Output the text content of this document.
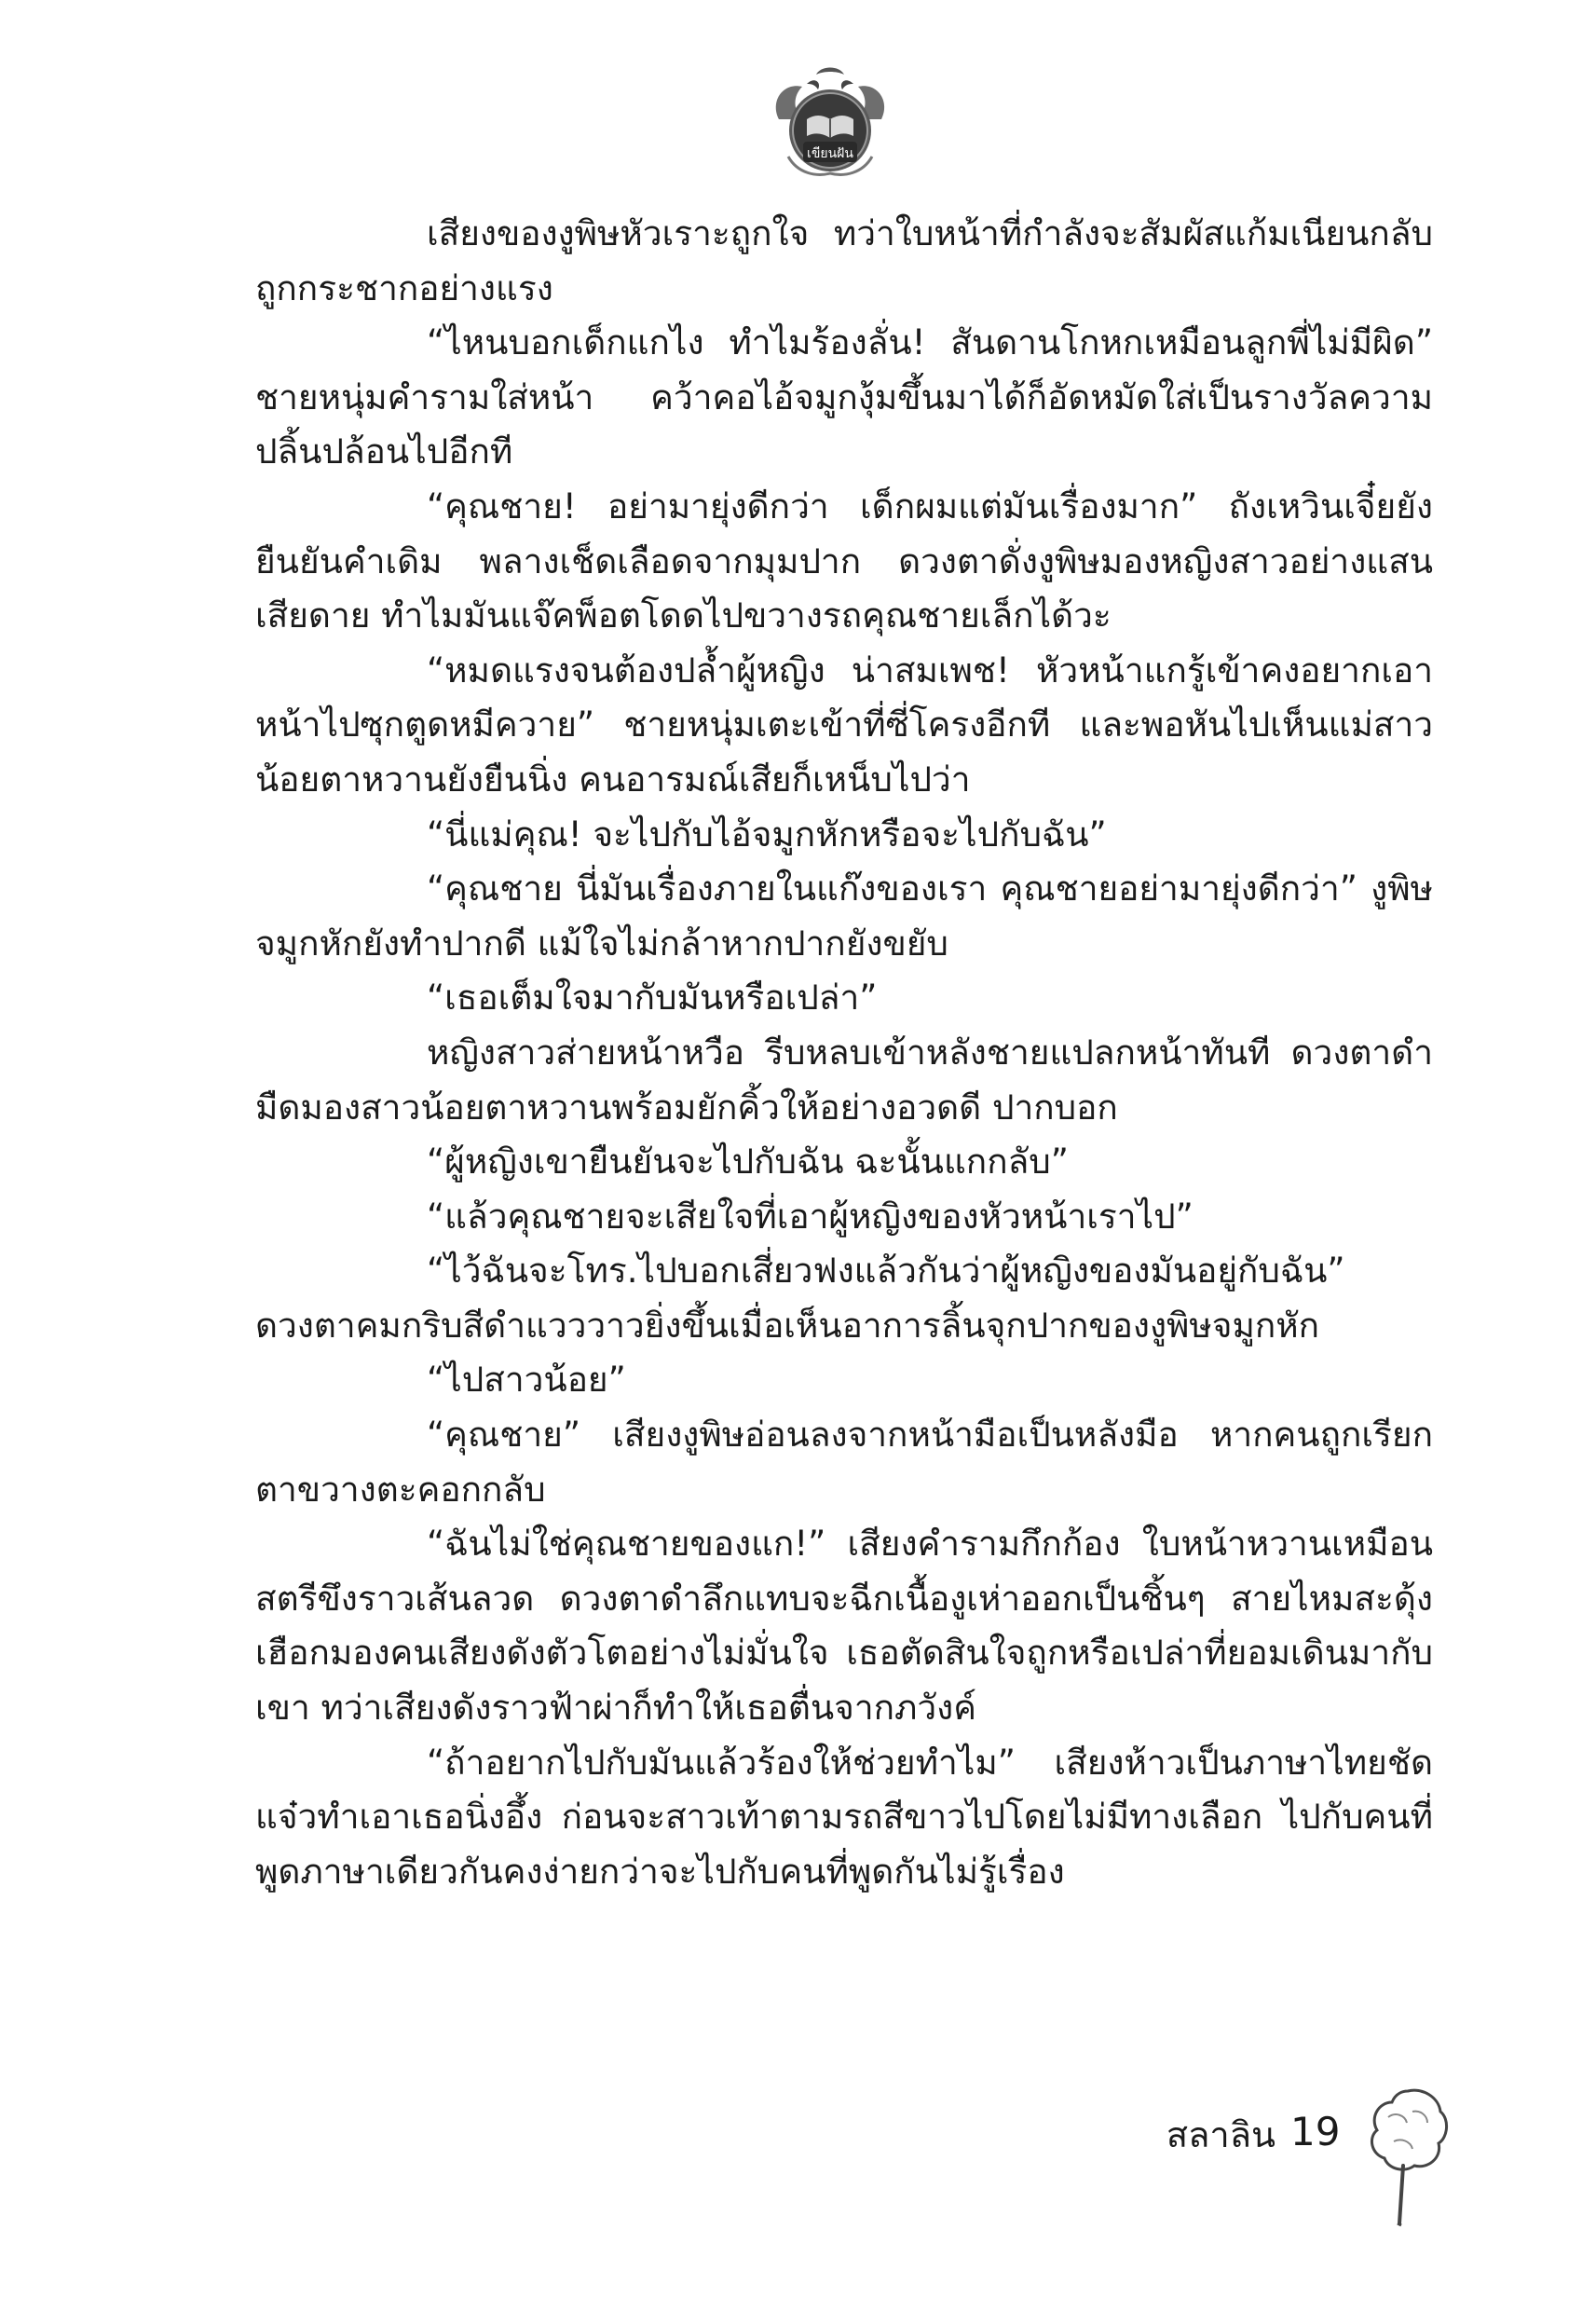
เขียนฝัน

เสียงของงูพิษหัวเราะถูกใจ ทว่าใบหน้าที่กำลังจะสัมผัสแก้มเนียนกลับถูกกระชากอย่างแรง

“ไหนบอกเด็กแกไง ทำไมร้องลั่น! สันดานโกหกเหมือนลูกพี่ไม่มีผิด” ชายหนุ่มคำรามใส่หน้า คว้าคอไอ้จมูกงุ้มขึ้นมาได้ก็อัดหมัดใส่เป็นรางวัลความปลิ้นปล้อนไปอีกที

“คุณชาย! อย่ามายุ่งดีกว่า เด็กผมแต่มันเรื่องมาก” ถังเหวินเจี๋ยยังยืนยันคำเดิม พลางเช็ดเลือดจากมุมปาก ดวงตาดั่งงูพิษมองหญิงสาวอย่างแสนเสียดาย ทำไมมันแจ๊คพ็อตโดดไปขวางรถคุณชายเล็กได้วะ

“หมดแรงจนต้องปล้ำผู้หญิง น่าสมเพช! หัวหน้าแกรู้เข้าคงอยากเอาหน้าไปซุกตูดหมีควาย” ชายหนุ่มเตะเข้าที่ซี่โครงอีกที และพอหันไปเห็นแม่สาวน้อยตาหวานยังยืนนิ่ง คนอารมณ์เสียก็เหน็บไปว่า

“นี่แม่คุณ! จะไปกับไอ้จมูกหักหรือจะไปกับฉัน”

“คุณชาย นี่มันเรื่องภายในแก๊งของเรา คุณชายอย่ามายุ่งดีกว่า” งูพิษจมูกหักยังทำปากดี แม้ใจไม่กล้าหากปากยังขยับ

“เธอเต็มใจมากับมันหรือเปล่า”

หญิงสาวส่ายหน้าหวือ รีบหลบเข้าหลังชายแปลกหน้าทันที ดวงตาดำมืดมองสาวน้อยตาหวานพร้อมยักคิ้วให้อย่างอวดดี ปากบอก

“ผู้หญิงเขายืนยันจะไปกับฉัน ฉะนั้นแกกลับ”

“แล้วคุณชายจะเสียใจที่เอาผู้หญิงของหัวหน้าเราไป”

“ไว้ฉันจะโทร.ไปบอกเสี่ยวฟงแล้วกันว่าผู้หญิงของมันอยู่กับฉัน” ดวงตาคมกริบสีดำแวววาวยิ่งขึ้นเมื่อเห็นอาการลิ้นจุกปากของงูพิษจมูกหัก

“ไปสาวน้อย”

“คุณชาย” เสียงงูพิษอ่อนลงจากหน้ามือเป็นหลังมือ หากคนถูกเรียกตาขวางตะคอกกลับ

“ฉันไม่ใช่คุณชายของแก!” เสียงคำรามกึกก้อง ใบหน้าหวานเหมือนสตรีขึงราวเส้นลวด ดวงตาดำลึกแทบจะฉีกเนื้องูเห่าออกเป็นชิ้นๆ สายไหมสะดุ้งเฮือกมองคนเสียงดังตัวโตอย่างไม่มั่นใจ เธอตัดสินใจถูกหรือเปล่าที่ยอมเดินมากับเขา ทว่าเสียงดังราวฟ้าผ่าก็ทำให้เธอตื่นจากภวังค์

“ถ้าอยากไปกับมันแล้วร้องให้ช่วยทำไม” เสียงห้าวเป็นภาษาไทยชัดแจ๋วทำเอาเธอนิ่งอึ้ง ก่อนจะสาวเท้าตามรถสีขาวไปโดยไม่มีทางเลือก ไปกับคนที่พูดภาษาเดียวกันคงง่ายกว่าจะไปกับคนที่พูดกันไม่รู้เรื่อง

สลาลิน 19
